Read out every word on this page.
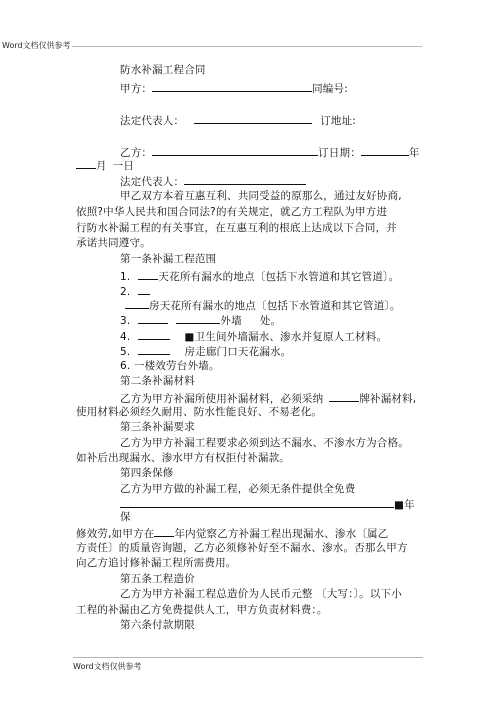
Word文档仅供参考
防水补漏工程合同
甲方：	同编号:
法定代表人：	订地址:
乙方：	订日期：	年
月 一日
法定代表人：
甲乙双方本着互惠互利、共同受益的原那么，通过友好协商,
依照?中华人民共和国合同法?的有关规定，就乙方工程队为甲方进
行防水补漏工程的有关事宜，在互惠互利的根底上达成以下合同，并
承诺共同遵守。
第一条补漏工程范围
1.	天花所有漏水的地点〔包括下水管道和其它管道〕。
2.
房天花所有漏水的地点〔包括下水管道和其它管道〕。
3.	外墙 处。
4.	■卫生间外墙漏水、渗水并复原人工材料。
5.	房走廊门口天花漏水。
6. 一楼效劳台外墙。
第二条补漏材料
乙方为甲方补漏所使用补漏材料，必须采纳	牌补漏材料,
使用材料必须经久耐用、防水性能良好、不易老化。
第三条补漏要求
乙方为甲方补漏工程要求必须到达不漏水、不渗水方为合格。
如补后出现漏水、渗水甲方有权拒付补漏款。
第四条保修
乙方为甲方做的补漏工程，必须无条件提供全免费
■年
保
修效劳,如甲方在 年内觉察乙方补漏工程出现漏水、渗水〔属乙
方责任〕的质量咨询题，乙方必须修补好至不漏水、渗水。否那么甲方
向乙方追讨修补漏工程所需费用。
第五条工程造价
乙方为甲方补漏工程总造价为人民币元整 〔大写：〕。以下小
工程的补漏由乙方免费提供人工，甲方负责材料费：。
第六条付款期限
Word文档仅供参考
